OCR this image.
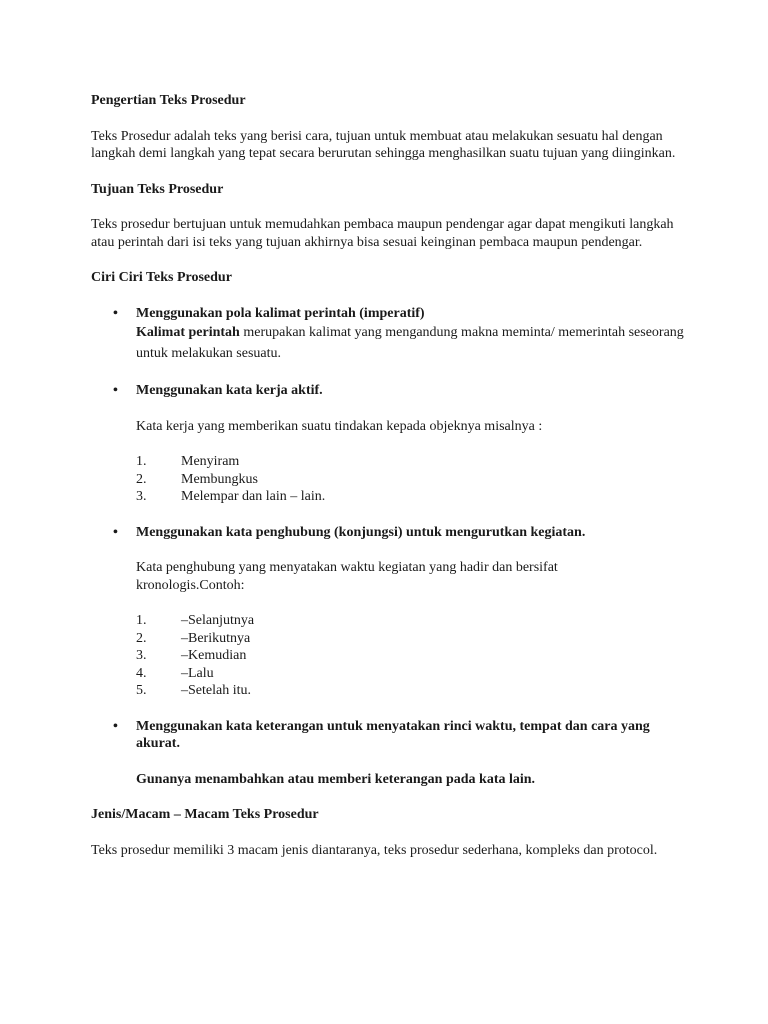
Pengertian Teks Prosedur

Teks Prosedur adalah teks yang berisi cara, tujuan untuk membuat atau melakukan sesuatu hal dengan langkah demi langkah yang tepat secara berurutan sehingga menghasilkan suatu tujuan yang diinginkan.

Tujuan Teks Prosedur

Teks prosedur bertujuan untuk memudahkan pembaca maupun pendengar agar dapat mengikuti langkah atau perintah dari isi teks yang tujuan akhirnya bisa sesuai keinginan pembaca maupun pendengar.

Ciri Ciri Teks Prosedur

• Menggunakan pola kalimat perintah (imperatif)
Kalimat perintah merupakan kalimat yang mengandung makna meminta/ memerintah seseorang untuk melakukan sesuatu.
• Menggunakan kata kerja aktif.

Kata kerja yang memberikan suatu tindakan kepada objeknya misalnya :

1. Menyiram
2. Membungkus
3. Melempar dan lain – lain.
• Menggunakan kata penghubung (konjungsi) untuk mengurutkan kegiatan.

Kata penghubung yang menyatakan waktu kegiatan yang hadir dan bersifat kronologis.Contoh:

1. –Selanjutnya
2. –Berikutnya
3. –Kemudian
4. –Lalu
5. –Setelah itu.
• Menggunakan kata keterangan untuk menyatakan rinci waktu, tempat dan cara yang akurat.

Gunanya menambahkan atau memberi keterangan pada kata lain.

Jenis/Macam – Macam Teks Prosedur

Teks prosedur memiliki 3 macam jenis diantaranya, teks prosedur sederhana, kompleks dan protocol.
